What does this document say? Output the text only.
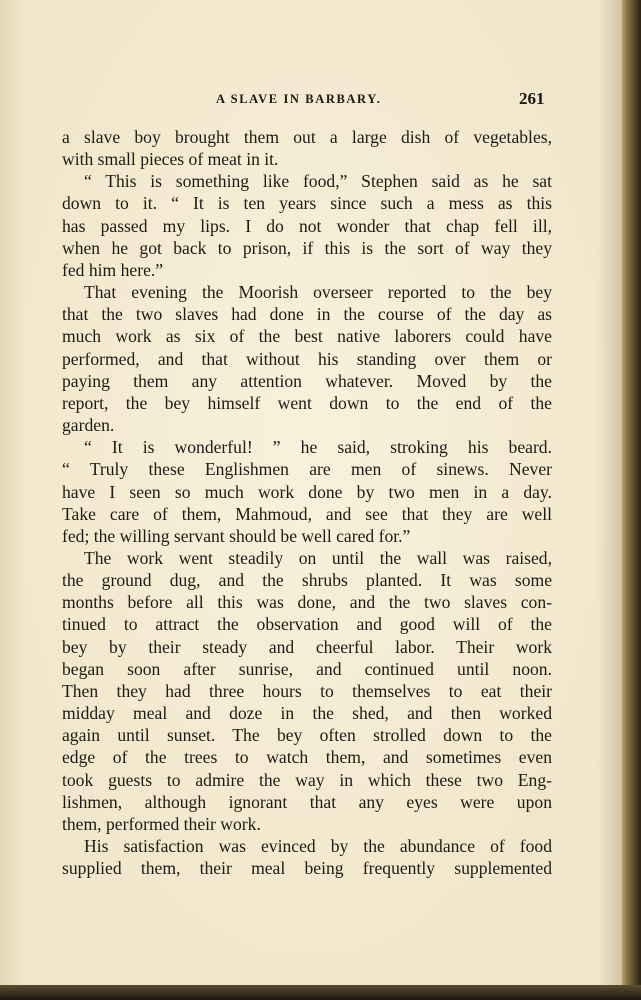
A SLAVE IN BARBARY.	261

a slave boy brought them out a large dish of vegetables,

with small pieces of meat in it.

“ This is something like food,” Stephen said as he sat

down to it. “ It is ten years since such a mess as this

has passed my lips. I do not wonder that chap fell ill,

when he got back to prison, if this is the sort of way they

fed him here.”

That evening the Moorish overseer reported to the bey

that the two slaves had done in the course of the day as

much work as six of the best native laborers could have

performed, and that without his standing over them or

paying them any attention whatever. Moved by the

report, the bey himself went down to the end of the

garden.

“ It is wonderful! ” he said, stroking his beard.

“ Truly these Englishmen are men of sinews. Never

have I seen so much work done by two men in a day.

Take care of them, Mahmoud, and see that they are well

fed; the willing servant should be well cared for.”

The work went steadily on until the wall was raised,

the ground dug, and the shrubs planted. It was some

months before all this was done, and the two slaves con-

tinued to attract the observation and good will of the

bey by their steady and cheerful labor. Their work

began soon after sunrise, and continued until noon.

Then they had three hours to themselves to eat their

midday meal and doze in the shed, and then worked

again until sunset. The bey often strolled down to the

edge of the trees to watch them, and sometimes even

took guests to admire the way in which these two Eng-

lishmen, although ignorant that any eyes were upon

them, performed their work.

His satisfaction was evinced by the abundance of food

supplied them, their meal being frequently supplemented
